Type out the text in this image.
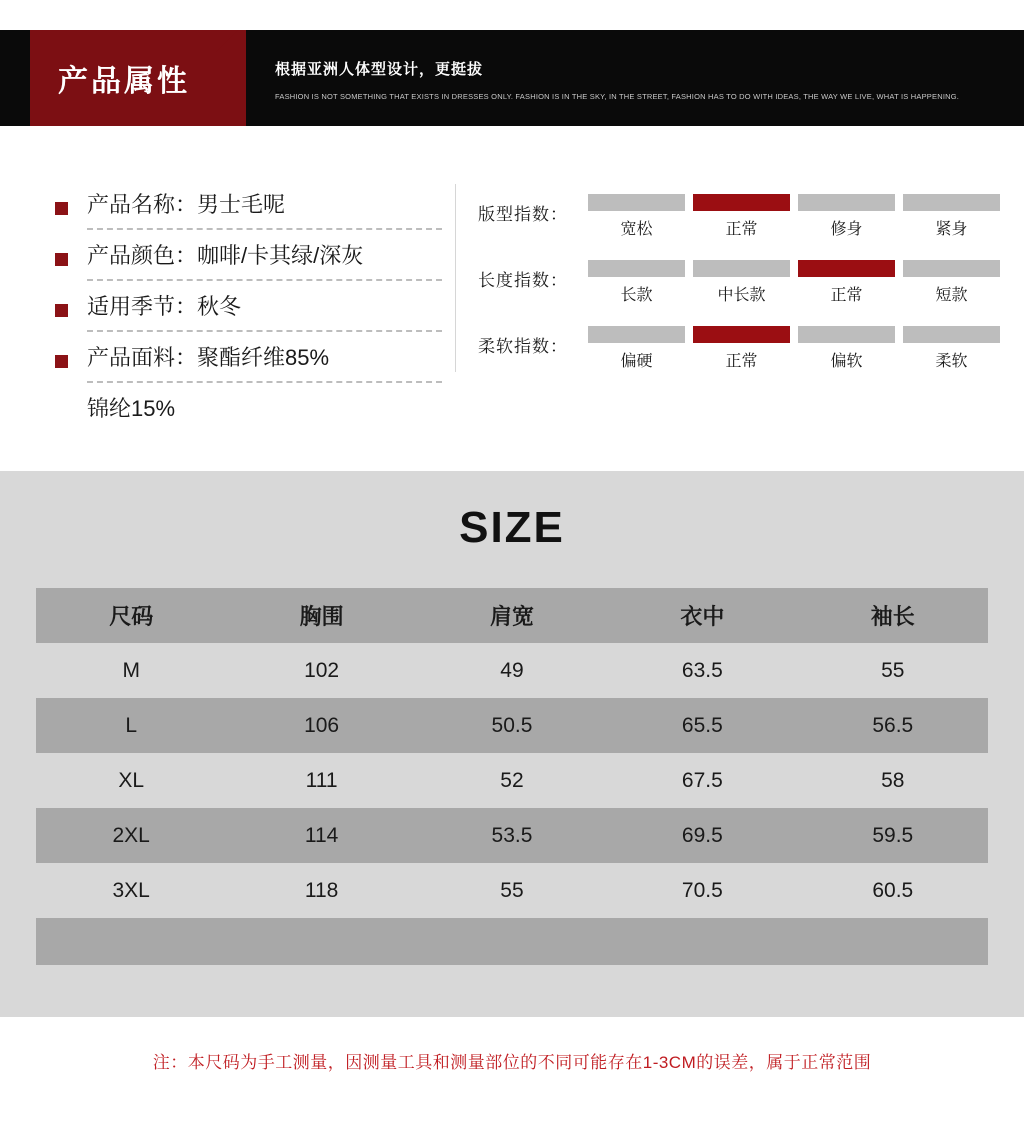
产品属性	根据亚洲人体型设计，更挺拔
FASHION IS NOT SOMETHING THAT EXISTS IN DRESSES ONLY. FASHION IS IN THE SKY, IN THE STREET, FASHION HAS TO DO WITH IDEAS, THE WAY WE LIVE, WHAT IS HAPPENING.
产品名称：男士毛呢
产品颜色：咖啡/卡其绿/深灰
适用季节：秋冬
产品面料：聚酯纤维85%
锦纶15%
版型指数：
宽松	正常	修身	紧身
长度指数：
长款	中长款	正常	短款
柔软指数：
偏硬	正常	偏软	柔软
SIZE
尺码	胸围	肩宽	衣中	袖长
M	102	49	63.5	55
L	106	50.5	65.5	56.5
XL	111	52	67.5	58
2XL	114	53.5	69.5	59.5
3XL	118	55	70.5	60.5

注：本尺码为手工测量，因测量工具和测量部位的不同可能存在1-3CM的误差，属于正常范围
